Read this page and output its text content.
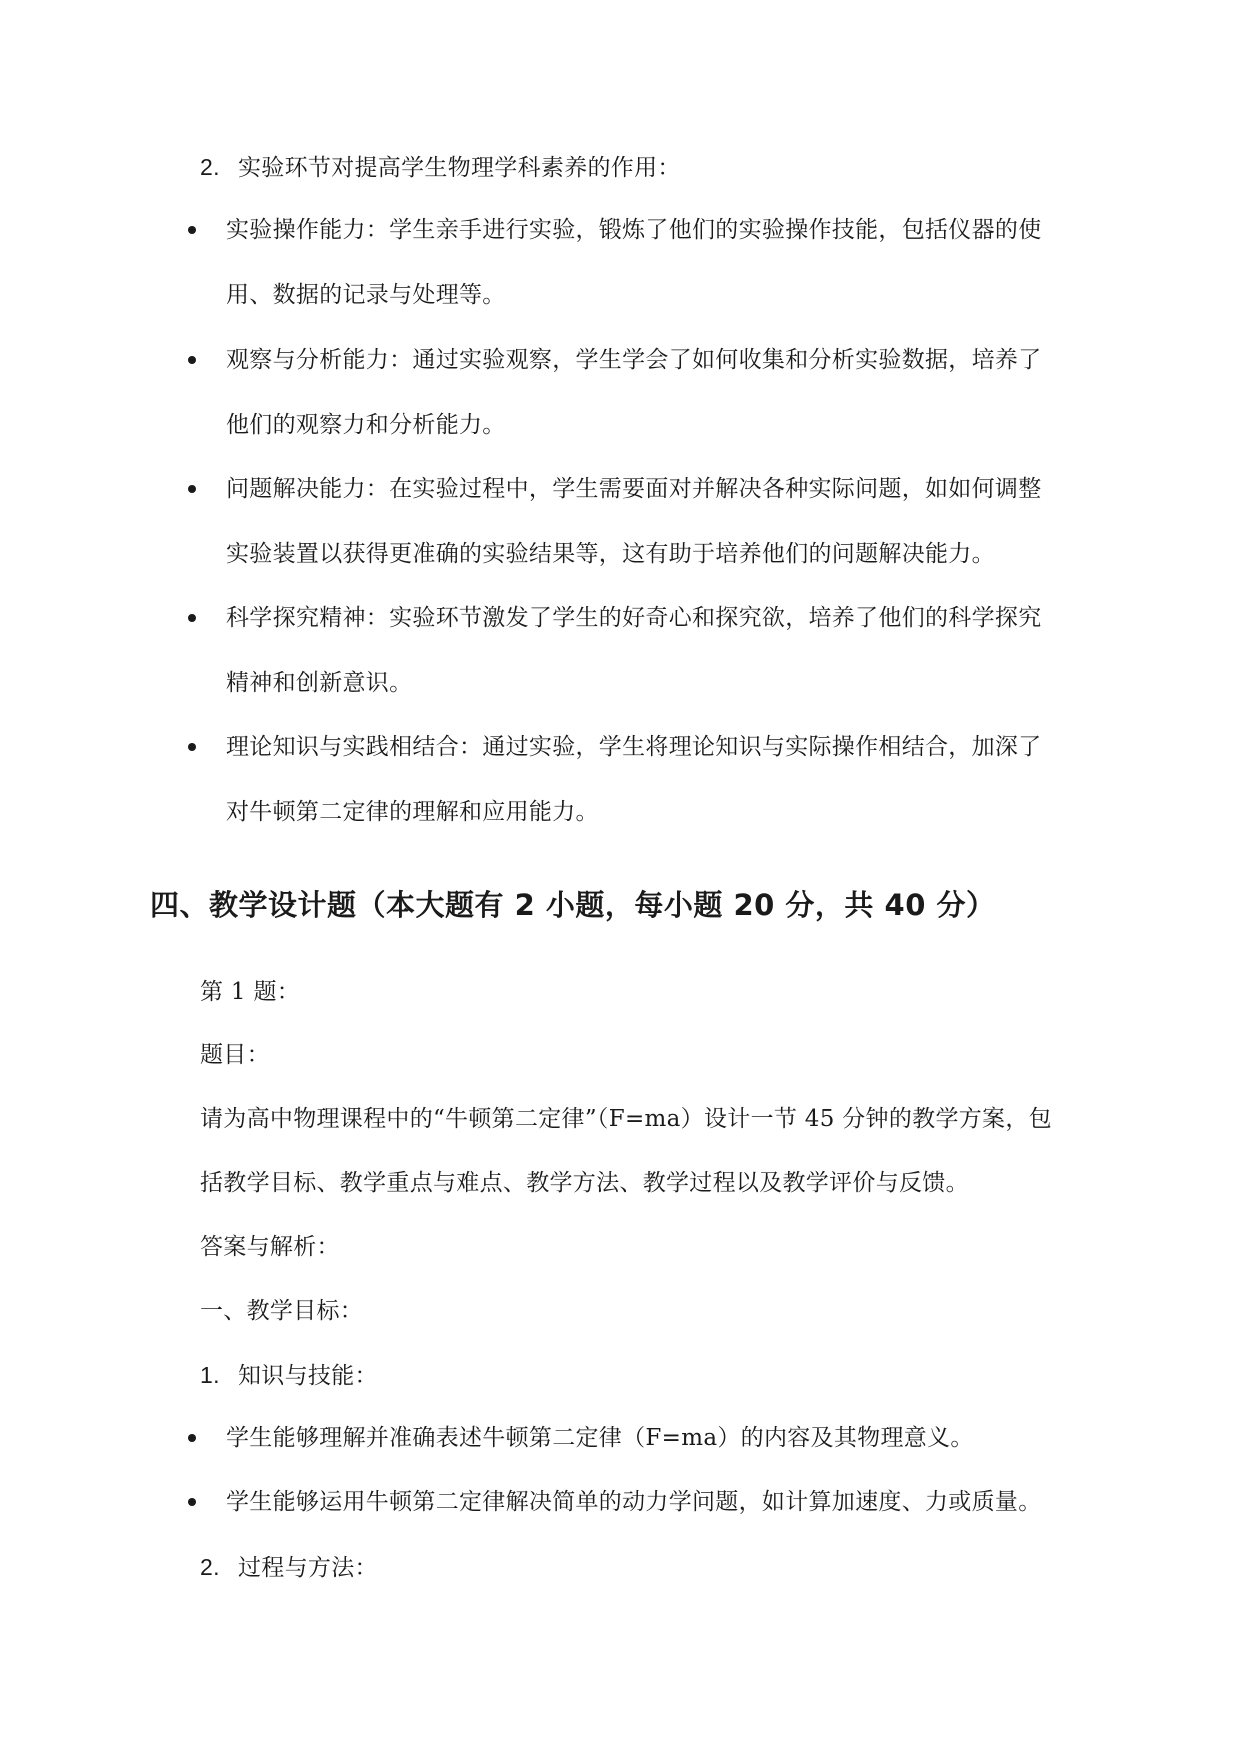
2. 实验环节对提高学生物理学科素养的作用：
实验操作能力：学生亲手进行实验，锻炼了他们的实验操作技能，包括仪器的使
用、数据的记录与处理等。
观察与分析能力：通过实验观察，学生学会了如何收集和分析实验数据，培养了
他们的观察力和分析能力。
问题解决能力：在实验过程中，学生需要面对并解决各种实际问题，如如何调整
实验装置以获得更准确的实验结果等，这有助于培养他们的问题解决能力。
科学探究精神：实验环节激发了学生的好奇心和探究欲，培养了他们的科学探究
精神和创新意识。
理论知识与实践相结合：通过实验，学生将理论知识与实际操作相结合，加深了
对牛顿第二定律的理解和应用能力。
四、教学设计题（本大题有 2 小题，每小题 20 分，共 40 分）
第 1 题：
题目：
请为高中物理课程中的“牛顿第二定律”（F=ma）设计一节 45 分钟的教学方案，包
括教学目标、教学重点与难点、教学方法、教学过程以及教学评价与反馈。
答案与解析：
一、教学目标：
1. 知识与技能：
学生能够理解并准确表述牛顿第二定律（F=ma）的内容及其物理意义。
学生能够运用牛顿第二定律解决简单的动力学问题，如计算加速度、力或质量。
2. 过程与方法：
